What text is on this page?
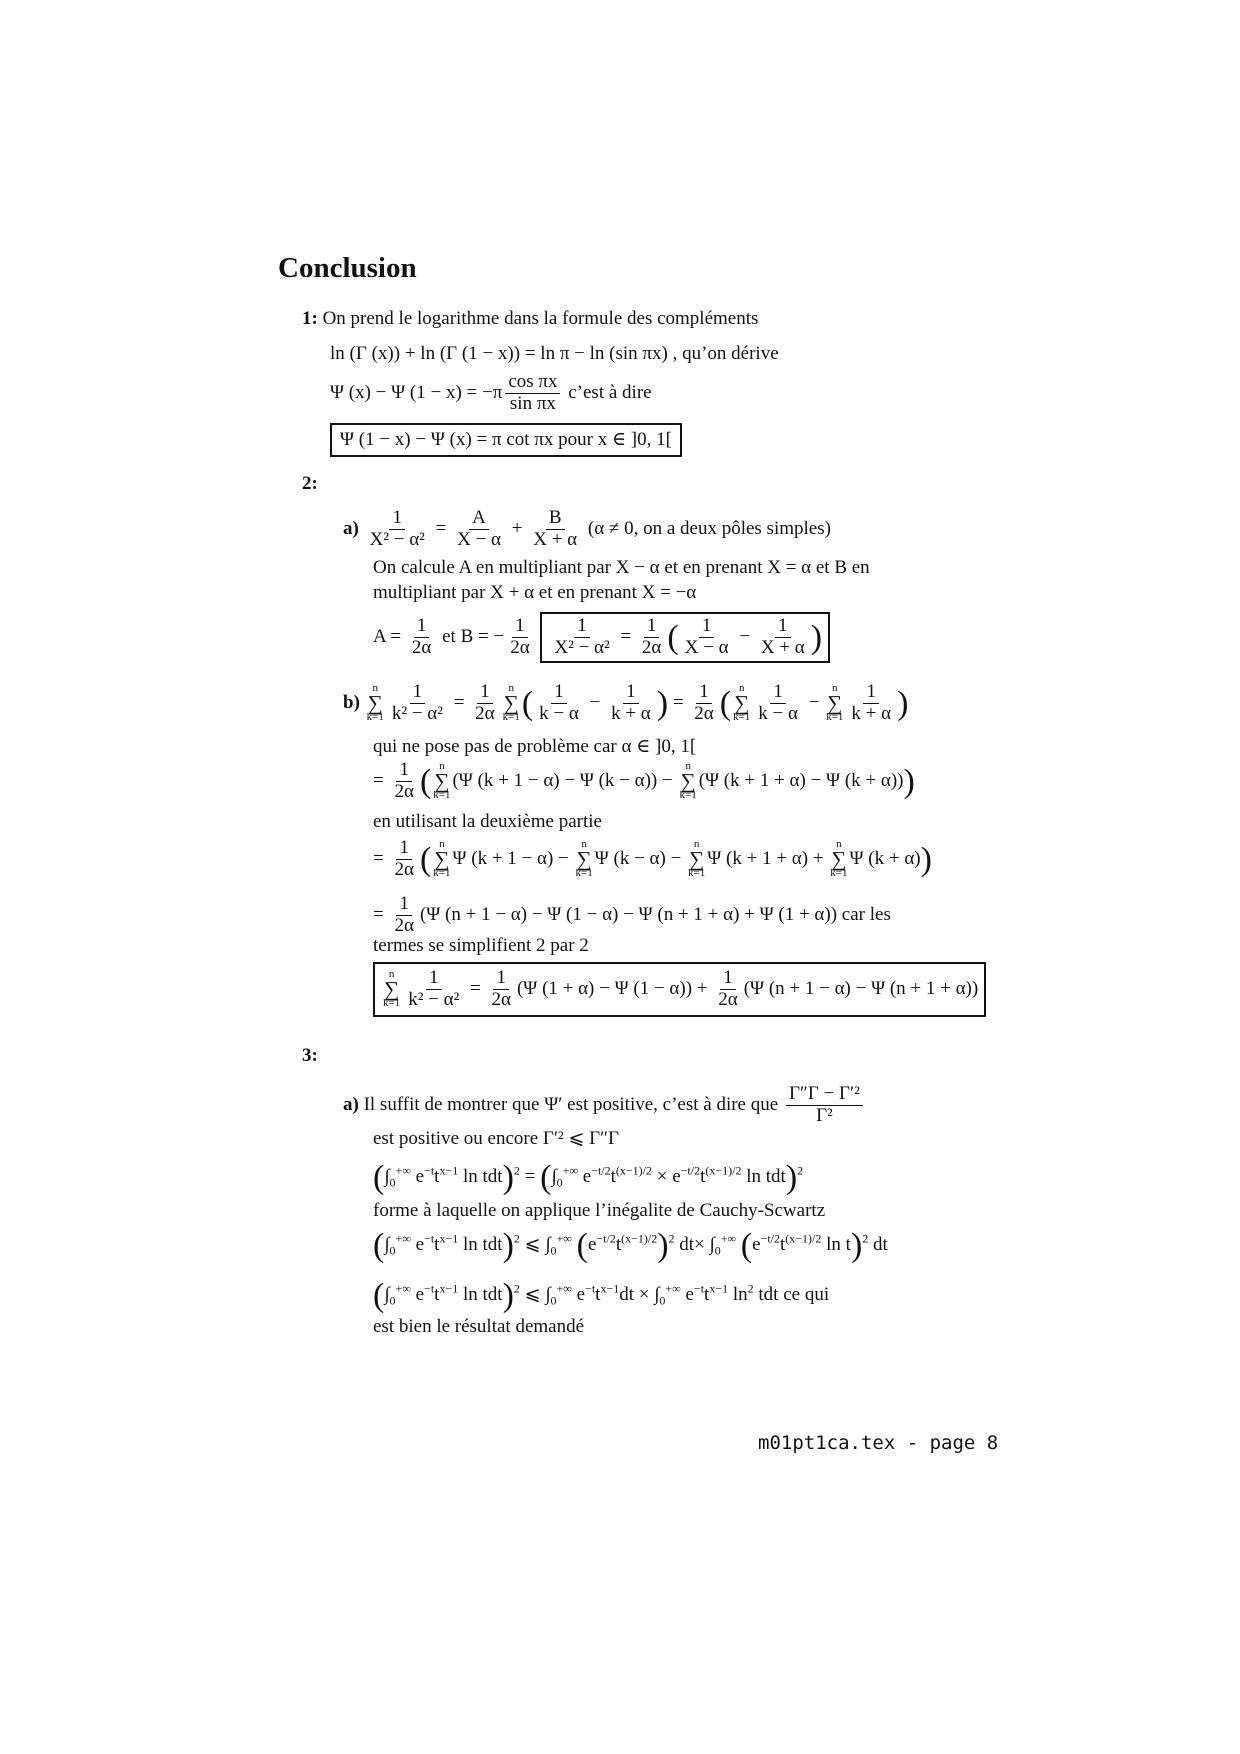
Conclusion
1: On prend le logarithme dans la formule des compléments
ln (Γ (x)) + ln (Γ (1 − x)) = ln π − ln (sin πx) , qu’on dérive
Ψ (x) − Ψ $(1 - x) = -\pi \frac{\text{cos πx}}{\text{sin πx}}$ c’est à dire
Ψ (1 − x) − Ψ (x) = π cot πx pour x ∈ ]0, 1[
2:
$a) \frac{1}{\text{X² − α²}} = \frac{A}{X - \alpha} + \frac{B}{X + \alpha} (\alpha \ne 0$, on a deux pôles simples)
On calcule A en multipliant par X − α et en prenant X = α et B en
multipliant par X + α et en prenant X = −α
$A = \frac{1}{2\alpha}$ et B = − $\frac{1}{2\alpha}$
$\frac{1}{\text{X² − α²}} = \frac{1}{2\alpha}$ ( $\frac{1}{X - \alpha} - \frac{1}{X + \alpha}$ )
b)
n
∑
$k=1 \frac{1}{\text{k² − α²}} = \frac{1}{2\alpha}$ n
∑
k=1 ( $\frac{1}{k - \alpha} - \frac{1}{k + \alpha}$ ) = $\frac{1}{2\alpha}$ ( n
∑
$k=1 \frac{1}{k - \alpha}$ −
n
∑
$k=1 \frac{1}{k + \alpha}$ )
qui ne pose pas de problème car α ∈ ]0, 1[
= $\frac{1}{2\alpha}$ ( n
∑
k=1
(Ψ (k + 1 − α) − Ψ (k − α)) −
n
∑
k=1
(Ψ (k + 1 + α) − Ψ (k + α)))
en utilisant la deuxième partie
= $\frac{1}{2\alpha}$ ( n
∑
k=1
Ψ (k + 1 − α) −
n
∑
k=1
Ψ (k − α) −
n
∑
k=1
Ψ (k + 1 + α) +
n
∑
k=1
Ψ (k + α))
= $\frac{1}{2\alpha} (\Psi$ (n + 1 − α) − Ψ (1 − α) − Ψ (n + 1 + α) + Ψ (1 + α)) car les
termes se simplifient 2 par 2
n
∑
$k=1 \frac{1}{\text{k² − α²}} = \frac{1}{2\alpha} (\Psi$ (1 + α) − Ψ $(1 - \alpha)) + \frac{1}{2\alpha} (\Psi$ (n + 1 − α) − Ψ (n + 1 + α))
3:
a) Il suffit de montrer que Ψ′ est positive, c’est à dire que $\frac{\text{Γ″Γ − Γ′²}}{\text{Γ²}}$
est positive ou encore Γ′² ⩽ Γ″Γ
($\int_0^{+\infty}$ $e^{-t}t^{x-1}$ $\ln tdt)^2 = (\int_0^{+\infty}$ $e^{-t/2}t^{(x-1)/2} \times e^{-t/2}t^{(x-1)/2}$ ln tdt)$^2$
forme à laquelle on applique l’inégalite de Cauchy-Scwartz
($\int_0^{+\infty}$ $e^{-t}t^{x-1}$ ln tdt)$^2$ ⩽ $\int_0^{+\infty}$ $(e^{-t/2}t^{(x-1)/2})^2$ $dt\times \int_0^{+\infty}$ ($e^{-t/2}t^{(x-1)/2}$ ln t)$^2$ dt
($\int_0^{+\infty}$ $e^{-t}t^{x-1}$ ln tdt)$^2$ ⩽ $\int_0^{+\infty}$ $e^{-t}t^{x-1}dt \times \int_0^{+\infty}$ $e^{-t}t^{x-1}$ $\ln^2$ tdt ce qui
est bien le résultat demandé
m01pt1ca.tex - page 8
